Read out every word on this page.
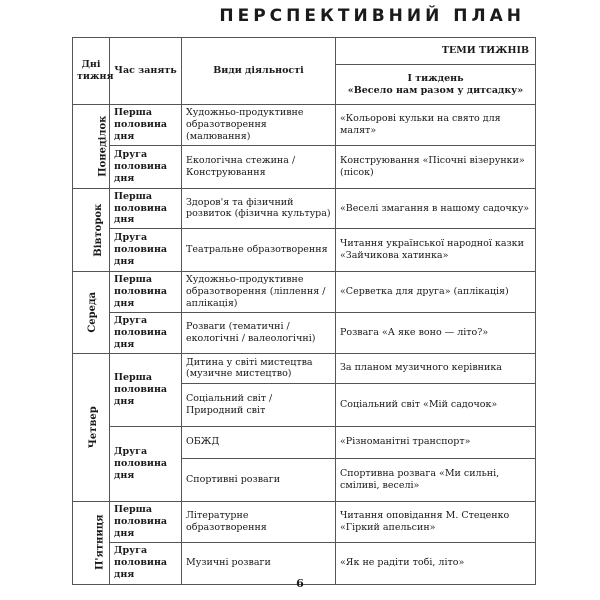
ПЕРСПЕКТИВНИЙ ПЛАН
Дні тижня	Час занять	Види діяльності	ТЕМИ ТИЖНІВ

			І тиждень
«Весело нам разом у дитсадку»

Понеділок	Перша половина дня	Художньо-продуктивне образотворення (малювання)	«Кольорові кульки на свято для малят»
	Друга половина дня	Екологічна стежина / Конструювання	Конструювання «Пісочні візерунки» (пісок)
Вівторок	Перша половина дня	Здоров'я та фізичний розвиток (фізична культура)	«Веселі змагання в нашому садочку»
	Друга половина дня	Театральне образотворення	Читання української народної казки «Зайчикова хатинка»
Середа	Перша половина дня	Художньо-продуктивне образотворення (ліплення / аплікація)	«Серветка для друга» (аплікація)
	Друга половина дня	Розваги (тематичні / екологічні / валеологічні)	Розвага «А яке воно — літо?»
Четвер	Перша половина дня	Дитина у світі мистецтва (музичне мистецтво)	За планом музичного керівника
		Соціальний світ / Природний світ	Соціальний світ «Мій садочок»
	Друга половина дня	ОБЖД	«Різноманітні транспорт»
		Спортивні розваги	Спортивна розвага «Ми сильні, сміливі, веселі»
П'ятниця	Перша половина дня	Літературне образотворення	Читання оповідання М. Стеценко «Гіркий апельсин»
	Друга половина дня	Музичні розваги	«Як не радіти тобі, літо»
6
